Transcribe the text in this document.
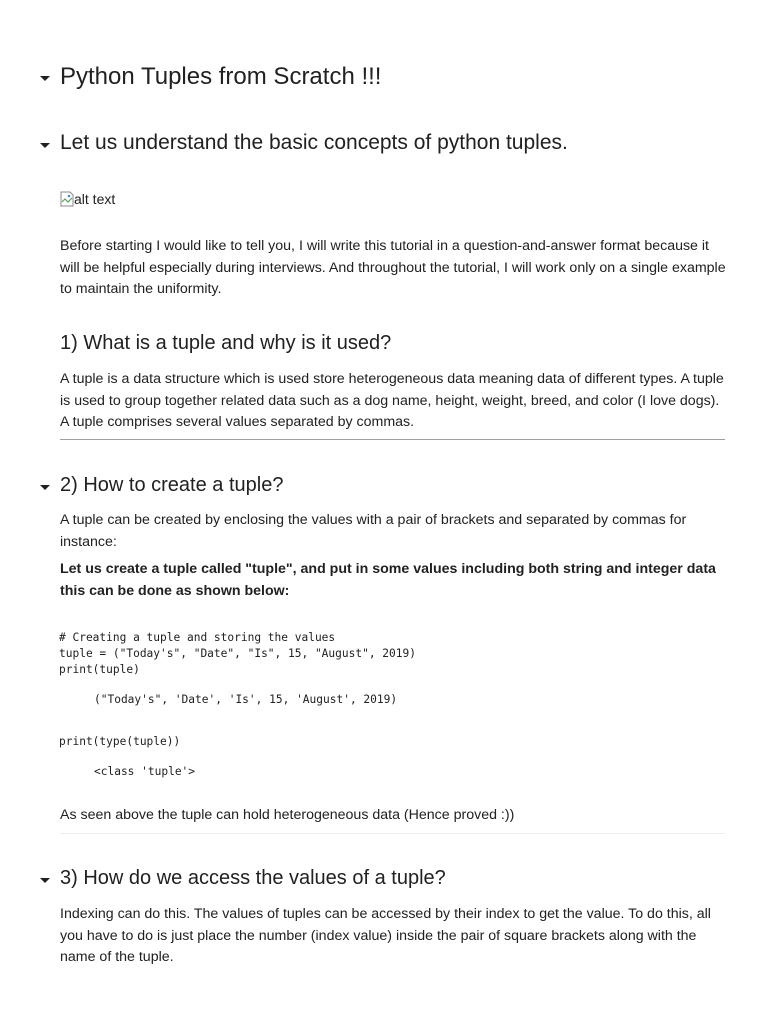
Python Tuples from Scratch !!!
Let us understand the basic concepts of python tuples.
alt text
Before starting I would like to tell you, I will write this tutorial in a question-and-answer format because it will be helpful especially during interviews. And throughout the tutorial, I will work only on a single example to maintain the uniformity.
1) What is a tuple and why is it used?
A tuple is a data structure which is used store heterogeneous data meaning data of different types. A tuple is used to group together related data such as a dog name, height, weight, breed, and color (I love dogs). A tuple comprises several values separated by commas.
2) How to create a tuple?
A tuple can be created by enclosing the values with a pair of brackets and separated by commas for instance:
Let us create a tuple called "tuple", and put in some values including both string and integer data this can be done as shown below:
# Creating a tuple and storing the values
tuple = ("Today's", "Date", "Is", 15, "August", 2019)
print(tuple)
("Today's", 'Date', 'Is', 15, 'August', 2019)
print(type(tuple))
<class 'tuple'>
As seen above the tuple can hold heterogeneous data (Hence proved :))
3) How do we access the values of a tuple?
Indexing can do this. The values of tuples can be accessed by their index to get the value. To do this, all you have to do is just place the number (index value) inside the pair of square brackets along with the name of the tuple.
